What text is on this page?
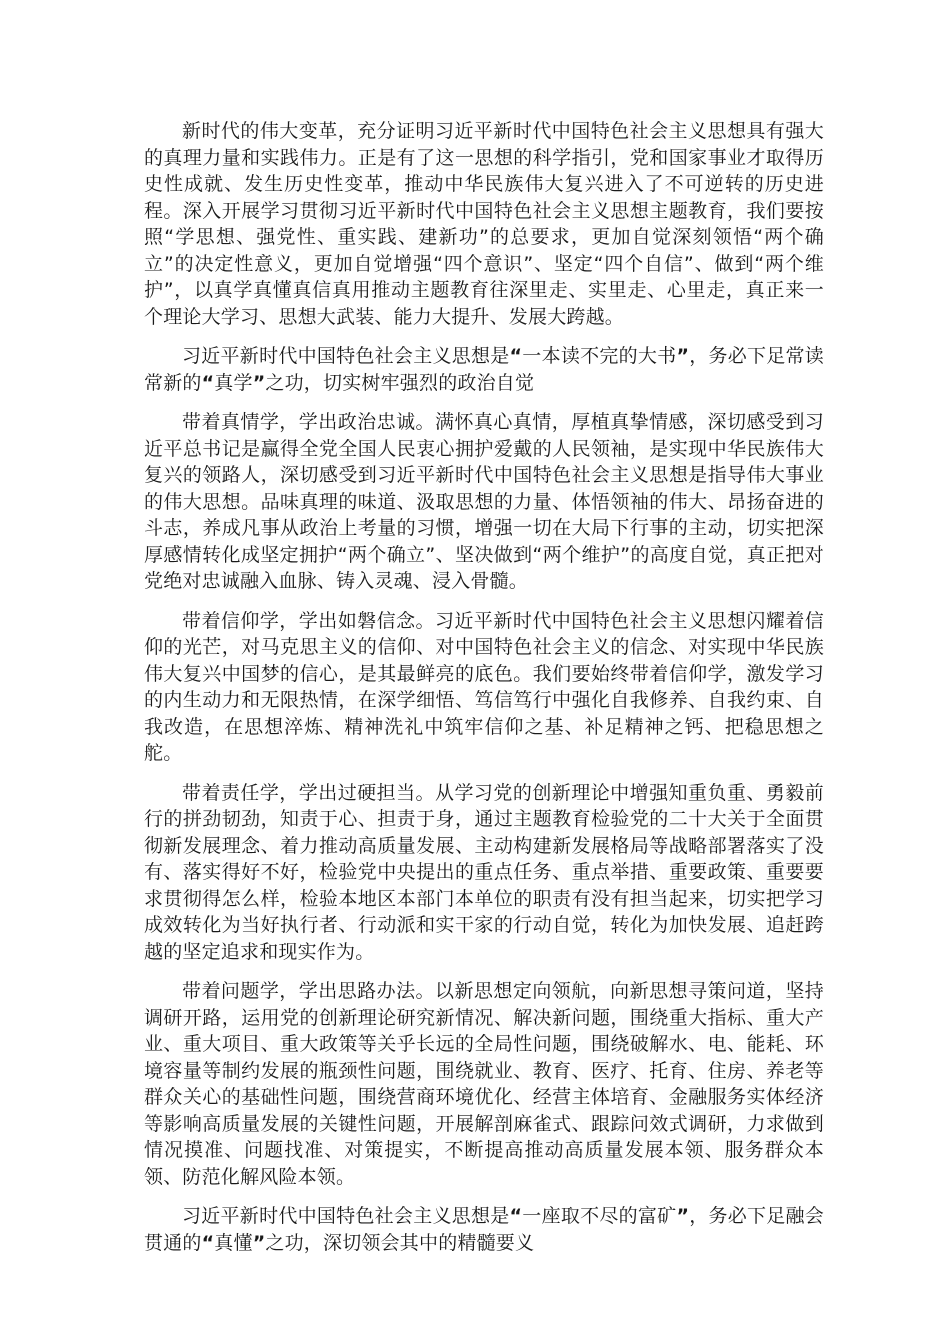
新时代的伟大变革，充分证明习近平新时代中国特色社会主义思想具有强大的真理力量和实践伟力。正是有了这一思想的科学指引，党和国家事业才取得历史性成就、发生历史性变革，推动中华民族伟大复兴进入了不可逆转的历史进程。深入开展学习贯彻习近平新时代中国特色社会主义思想主题教育，我们要按照“学思想、强党性、重实践、建新功”的总要求，更加自觉深刻领悟“两个确立”的决定性意义，更加自觉增强“四个意识”、坚定“四个自信”、做到“两个维护”，以真学真懂真信真用推动主题教育往深里走、实里走、心里走，真正来一个理论大学习、思想大武装、能力大提升、发展大跨越。

习近平新时代中国特色社会主义思想是“一本读不完的大书”，务必下足常读常新的“真学”之功，切实树牢强烈的政治自觉

带着真情学，学出政治忠诚。满怀真心真情，厚植真挚情感，深切感受到习近平总书记是赢得全党全国人民衷心拥护爱戴的人民领袖，是实现中华民族伟大复兴的领路人，深切感受到习近平新时代中国特色社会主义思想是指导伟大事业的伟大思想。品味真理的味道、汲取思想的力量、体悟领袖的伟大、昂扬奋进的斗志，养成凡事从政治上考量的习惯，增强一切在大局下行事的主动，切实把深厚感情转化成坚定拥护“两个确立”、坚决做到“两个维护”的高度自觉，真正把对党绝对忠诚融入血脉、铸入灵魂、浸入骨髓。

带着信仰学，学出如磐信念。习近平新时代中国特色社会主义思想闪耀着信仰的光芒，对马克思主义的信仰、对中国特色社会主义的信念、对实现中华民族伟大复兴中国梦的信心，是其最鲜亮的底色。我们要始终带着信仰学，激发学习的内生动力和无限热情，在深学细悟、笃信笃行中强化自我修养、自我约束、自我改造，在思想淬炼、精神洗礼中筑牢信仰之基、补足精神之钙、把稳思想之舵。

带着责任学，学出过硬担当。从学习党的创新理论中增强知重负重、勇毅前行的拼劲韧劲，知责于心、担责于身，通过主题教育检验党的二十大关于全面贯彻新发展理念、着力推动高质量发展、主动构建新发展格局等战略部署落实了没有、落实得好不好，检验党中央提出的重点任务、重点举措、重要政策、重要要求贯彻得怎么样，检验本地区本部门本单位的职责有没有担当起来，切实把学习成效转化为当好执行者、行动派和实干家的行动自觉，转化为加快发展、追赶跨越的坚定追求和现实作为。

带着问题学，学出思路办法。以新思想定向领航，向新思想寻策问道，坚持调研开路，运用党的创新理论研究新情况、解决新问题，围绕重大指标、重大产业、重大项目、重大政策等关乎长远的全局性问题，围绕破解水、电、能耗、环境容量等制约发展的瓶颈性问题，围绕就业、教育、医疗、托育、住房、养老等群众关心的基础性问题，围绕营商环境优化、经营主体培育、金融服务实体经济等影响高质量发展的关键性问题，开展解剖麻雀式、跟踪问效式调研，力求做到情况摸准、问题找准、对策提实，不断提高推动高质量发展本领、服务群众本领、防范化解风险本领。

习近平新时代中国特色社会主义思想是“一座取不尽的富矿”，务必下足融会贯通的“真懂”之功，深切领会其中的精髓要义
